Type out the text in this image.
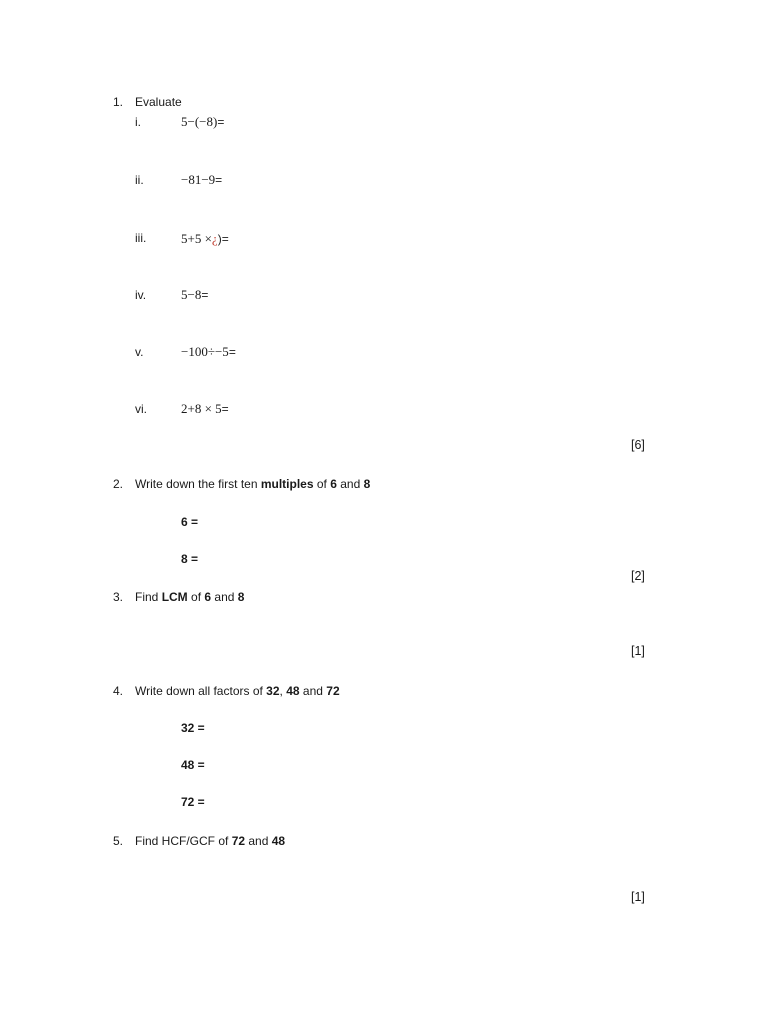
1. Evaluate
i.	5−(−8)=
ii.	−81−9=
iii.	5+5 ×¿)=
iv.	5−8=
v.	−100÷−5=
vi.	2+8 × 5=
[6]
2. Write down the first ten multiples of 6 and 8
6 =
8 =
[2]
3. Find LCM of 6 and 8
[1]
4. Write down all factors of 32, 48 and 72
32 =
48 =
72 =
5. Find HCF/GCF of 72 and 48
[1]
